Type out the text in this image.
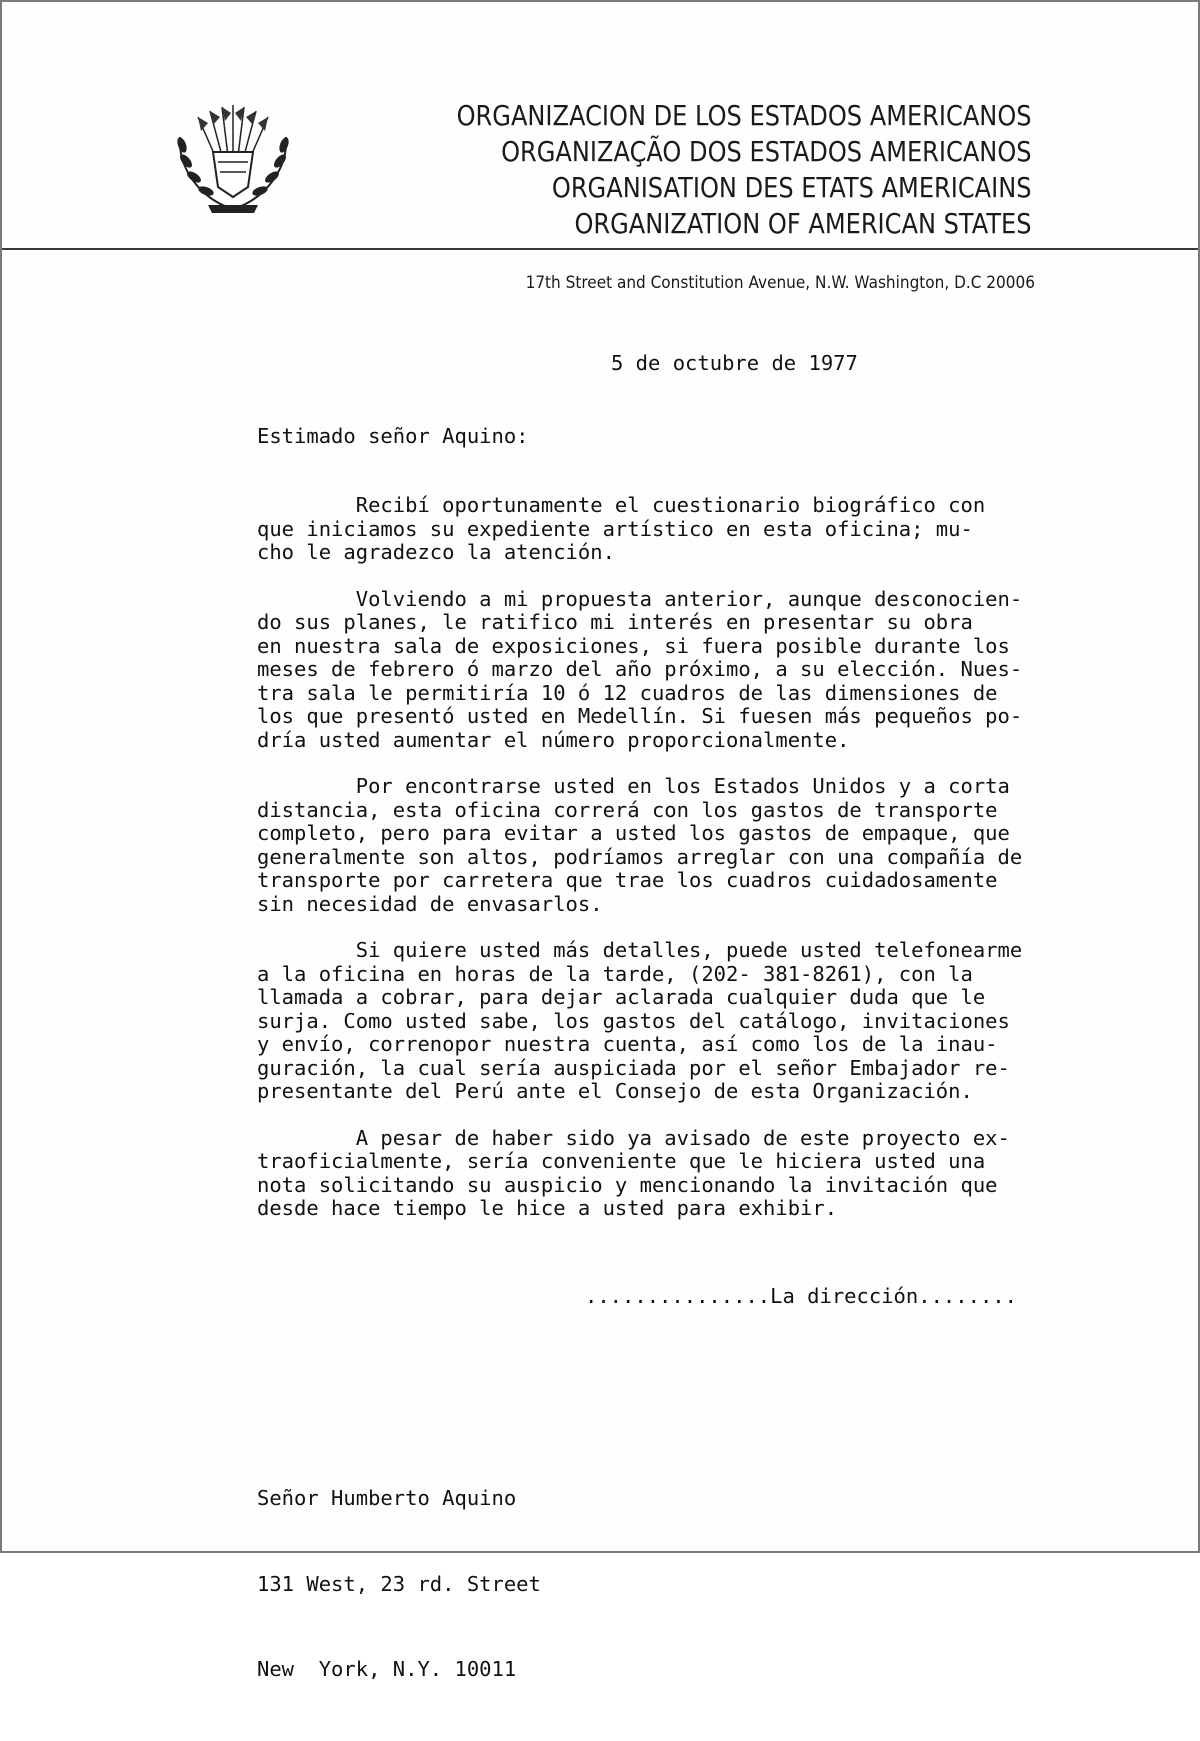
ORGANIZACION DE LOS ESTADOS AMERICANOS
ORGANIZAÇÃO DOS ESTADOS AMERICANOS
ORGANISATION DES ETATS AMERICAINS
ORGANIZATION OF AMERICAN STATES
17th Street and Constitution Avenue, N.W. Washington, D.C 20006
5 de octubre de 1977
Estimado señor Aquino:
Recibí oportunamente el cuestionario biográfico con
que iniciamos su expediente artístico en esta oficina; mu-
cho le agradezco la atención.
Volviendo a mi propuesta anterior, aunque desconocien-
do sus planes, le ratifico mi interés en presentar su obra
en nuestra sala de exposiciones, si fuera posible durante los
meses de febrero ó marzo del año próximo, a su elección. Nues-
tra sala le permitiría 10 ó 12 cuadros de las dimensiones de
los que presentó usted en Medellín. Si fuesen más pequeños po-
dría usted aumentar el número proporcionalmente.
Por encontrarse usted en los Estados Unidos y a corta
distancia, esta oficina correrá con los gastos de transporte
completo, pero para evitar a usted los gastos de empaque, que
generalmente son altos, podríamos arreglar con una compañía de
transporte por carretera que trae los cuadros cuidadosamente
sin necesidad de envasarlos.
Si quiere usted más detalles, puede usted telefonearme
a la oficina en horas de la tarde, (202- 381-8261), con la
llamada a cobrar, para dejar aclarada cualquier duda que le
surja. Como usted sabe, los gastos del catálogo, invitaciones
y envío, correnopor nuestra cuenta, así como los de la inau-
guración, la cual sería auspiciada por el señor Embajador re-
presentante del Perú ante el Consejo de esta Organización.
A pesar de haber sido ya avisado de este proyecto ex-
traoficialmente, sería conveniente que le hiciera usted una
nota solicitando su auspicio y mencionando la invitación que
desde hace tiempo le hice a usted para exhibir.
...............La dirección........

Señor Humberto Aquino

131 West, 23 rd. Street

New  York, N.Y. 10011
